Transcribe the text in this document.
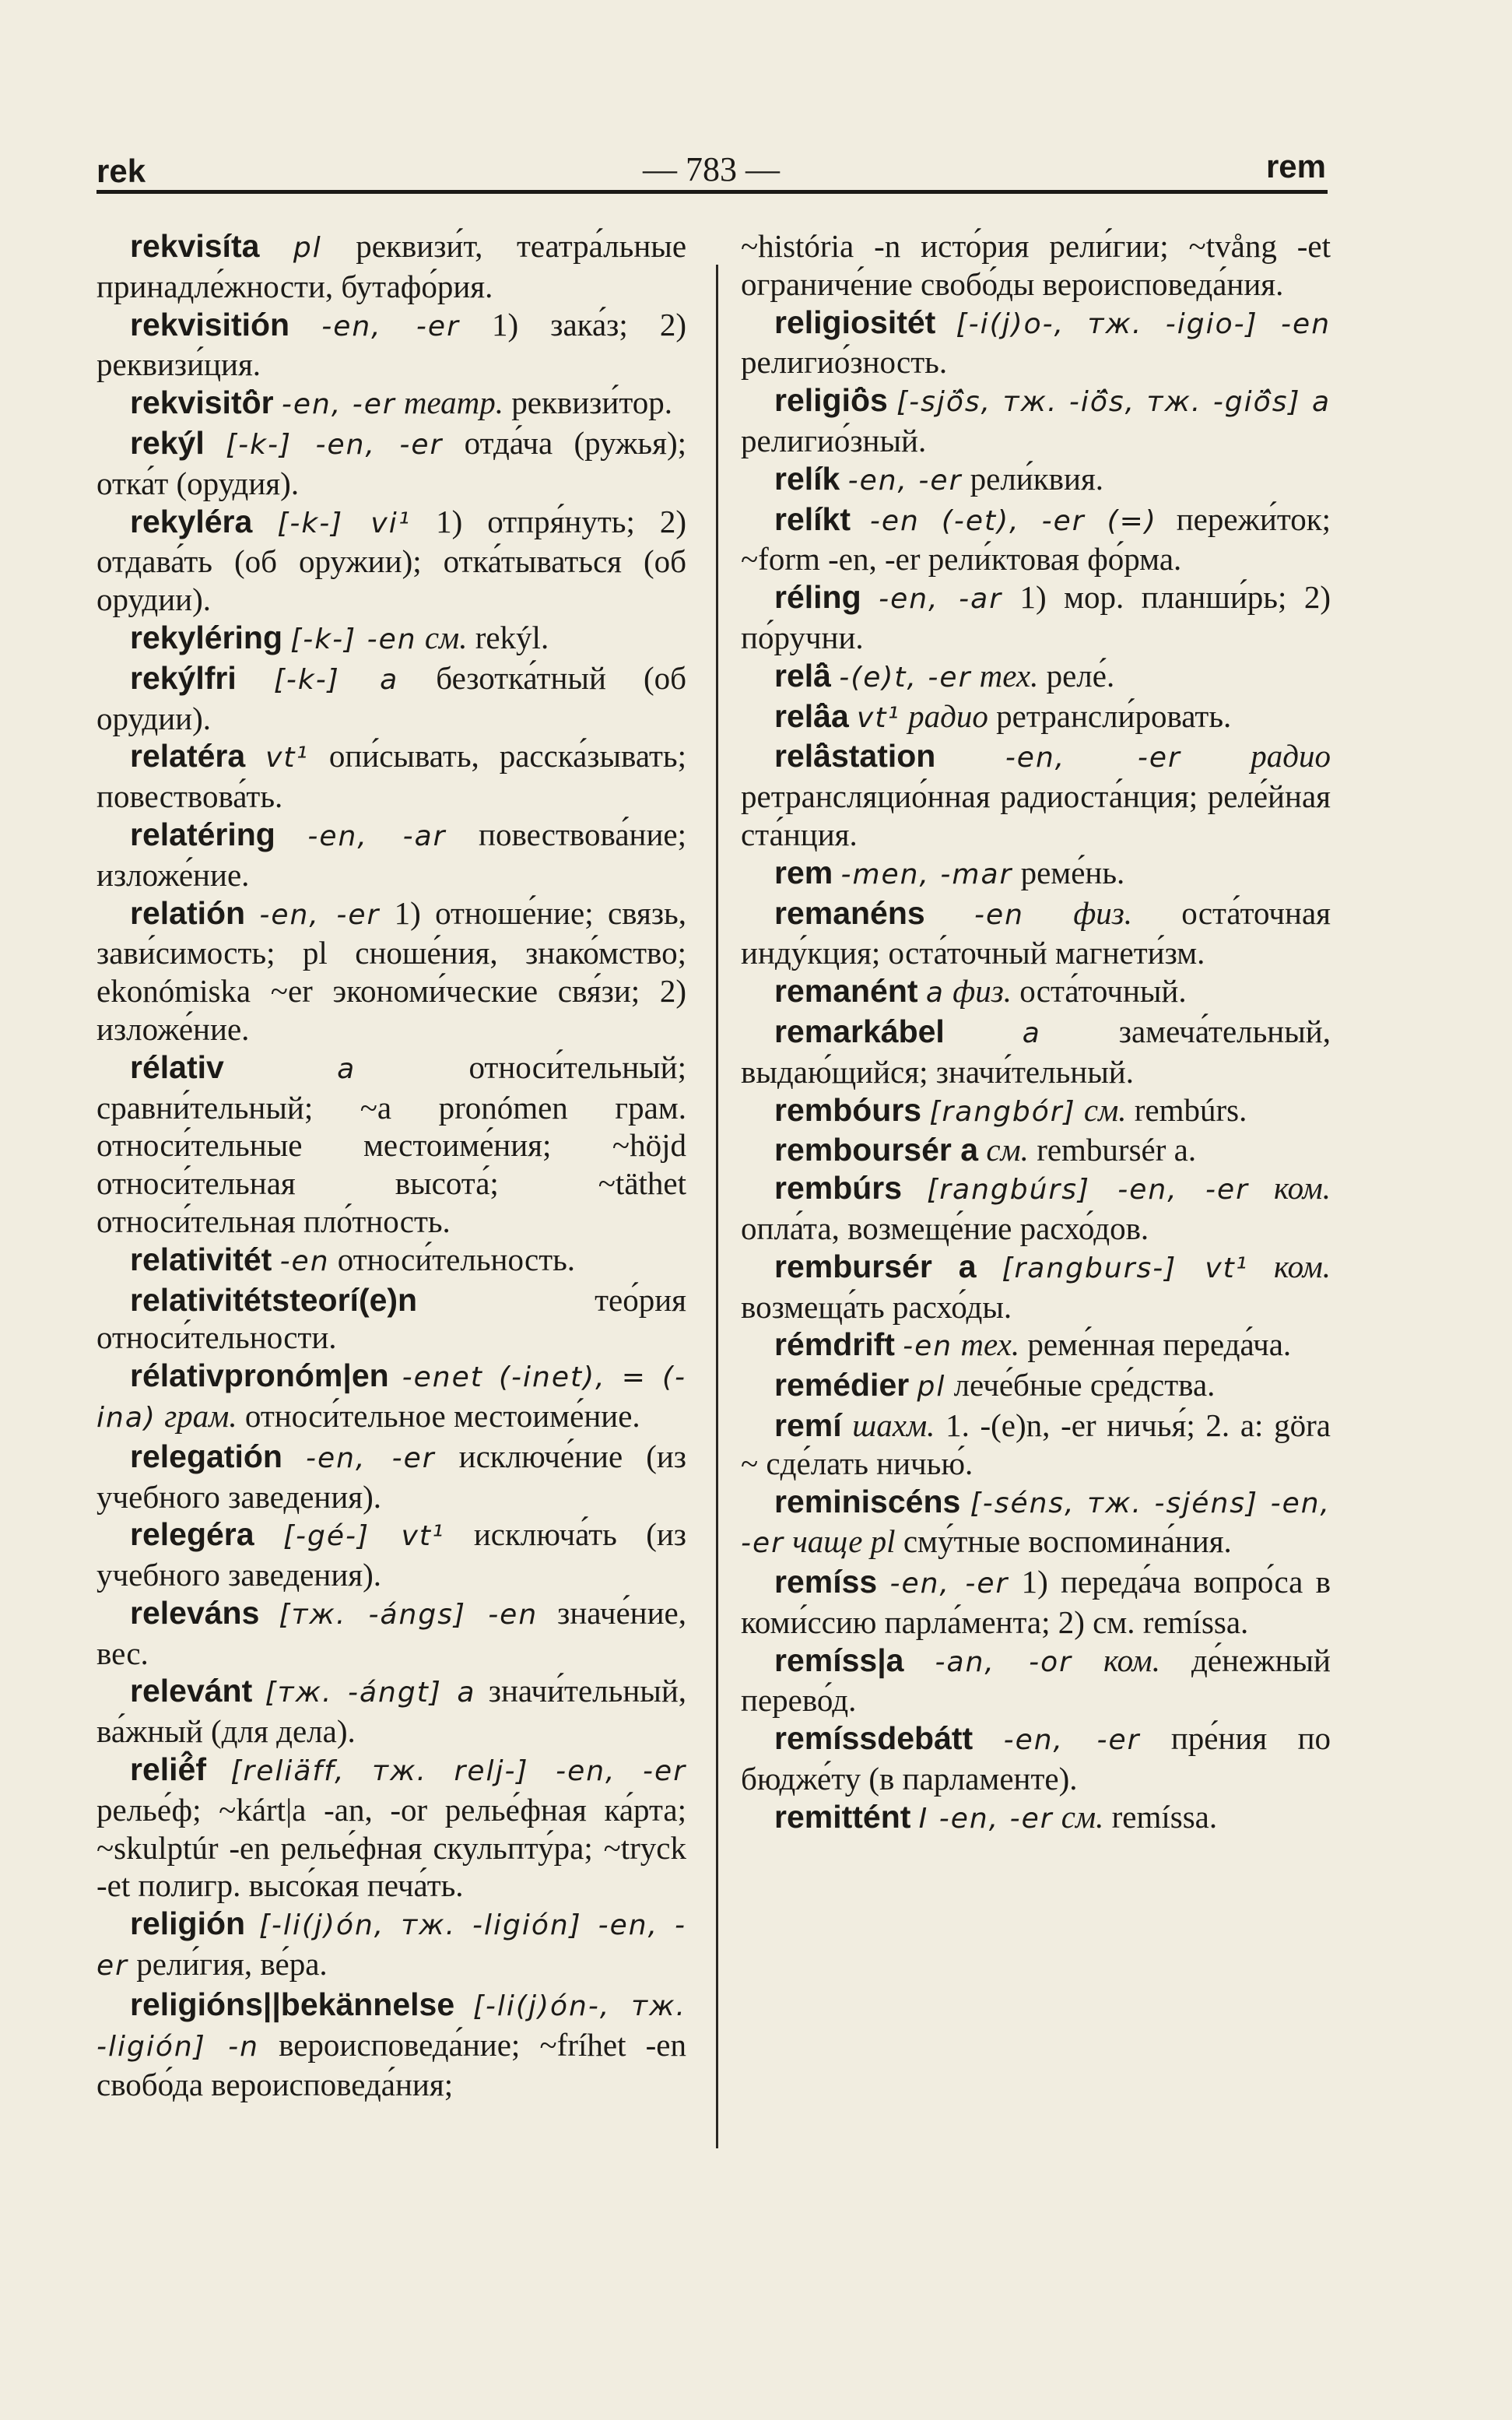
rek	— 783 —	rem

rekvisíta pl реквизи́т, театра́льные принадле́жности, бутафо́рия.

rekvisitión -en, -er 1) зака́з; 2) реквизи́ция.

rekvisitö̂r -en, -er театр. реквизи́тор.

rekýl [-k-] -en, -er отда́ча (ружья); отка́т (орудия).

rekyléra [-k-] vi¹ 1) отпря́нуть; 2) отдава́ть (об оружии); отка́тываться (об орудии).

rekyléring [-k-] -en см. rekýl.

rekýlfri [-k-] a безотка́тный (об орудии).

relatéra vt¹ опи́сывать, расска́зывать; повествова́ть.

relatéring -en, -ar повествова́ние; изложе́ние.

relatión -en, -er 1) отноше́ние; связь, зави́симость; pl сноше́ния, знако́мство; ekonómiska ~er экономи́ческие свя́зи; 2) изложе́ние.

rélativ	a	относи́тельный; сравни́тельный; ~a pronómen грам. относи́тельные местоиме́ния; ~höjd относи́тельная высота́; ~täthet относи́тельная пло́тность.

relativitét -en относи́тельность.

relativitétsteorí(e)n	тео́рия относи́тельности.

rélativpronóm|en -enet (-inet), = (-ina) грам. относи́тельное местоиме́ние.

relegatión -en, -er исключе́ние (из учебного заведения).

relegéra [-gé-] vt¹ исключа́ть (из учебного заведения).

releváns [тж. -ángs] -en значе́ние, вес.

relevánt [тж. -ángt] a значи́тельный, ва́жный (для дела).

relié̂f [reliäff, тж. relj-] -en, -er релье́ф; ~kárt|a -an, -or релье́фная ка́рта; ~skulptúr -en релье́фная скульпту́ра; ~tryck -et полигр. высо́кая печа́ть.

religión [-li(j)ón, тж. -ligión] -en, -er рели́гия, ве́ра.

religións||bekännelse [-li(j)ón-, тж. -ligión] -n вероисповеда́ние; ~fríhet -en свобо́да вероисповеда́ния;

~história -n исто́рия рели́гии; ~tvång -et ограниче́ние свобо́ды вероисповеда́ния.

religiositét [-i(j)o-, тж. -igio-] -en религио́зность.

religiö̂s [-sjö̂s, тж. -iö̂s, тж. -giö̂s] a религио́зный.

relík -en, -er рели́квия.

relíkt -en (-et), -er (=) пережи́ток; ~form -en, -er рели́ктовая фо́рма.

réling -en, -ar 1) мор. планши́рь; 2) по́ручни.

relä̂ -(e)t, -er тех. реле́.

relä̂a vt¹ радио ретрансли́ровать.

relä̂station -en, -er радио ретрансляцио́нная радиоста́нция; реле́йная ста́нция.

rem -men, -mar реме́нь.

remanéns -en физ. оста́точная инду́кция; оста́точный магнети́зм.

remanént a физ. оста́точный.

remarkábel	a замеча́тельный, выдаю́щийся; значи́тельный.

rembóurs [rangbór] см. rembúrs.

remboursér a см. rembursér a.

rembúrs [rangbúrs] -en, -er ком. опла́та, возмеще́ние расхо́дов.

rembursér a [rangburs-] vt¹ ком. возмеща́ть расхо́ды.

rémdrift -en тех. реме́нная переда́ча.

remédier pl лече́бные сре́дства.

remí шахм. 1. -(e)n, -er ничья́; 2. a: göra ~ сде́лать ничью́.

reminiscéns [-séns, тж. -sjéns] -en, -er чаще pl сму́тные воспомина́ния.

remíss -en, -er 1) переда́ча вопро́са в коми́ссию парла́мента; 2) см. remíssa.

remíss|a -an, -or ком. де́нежный перево́д.

remíssdebátt -en, -er пре́ния по бюдже́ту (в парламенте).

remittént I -en, -er см. remíssa.
